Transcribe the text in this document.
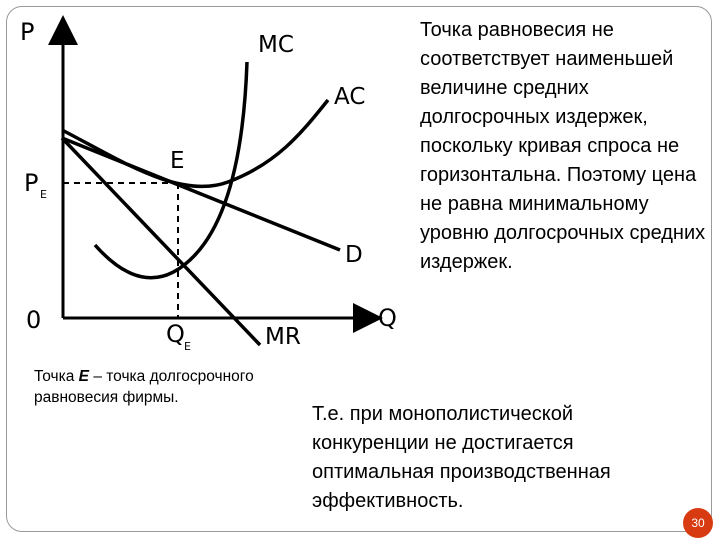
P
Q
0
P E
Q E
E
MC
AC
D
MR
Точка равновесия не соответствует наименьшей величине средних долгосрочных издержек, поскольку кривая спроса не горизонтальна. Поэтому цена не равна минимальному уровню долгосрочных средних издержек.
Точка E – точка долгосрочного равновесия фирмы.
Т.е. при монополистической конкуренции не достигается оптимальная производственная эффективность.
30
